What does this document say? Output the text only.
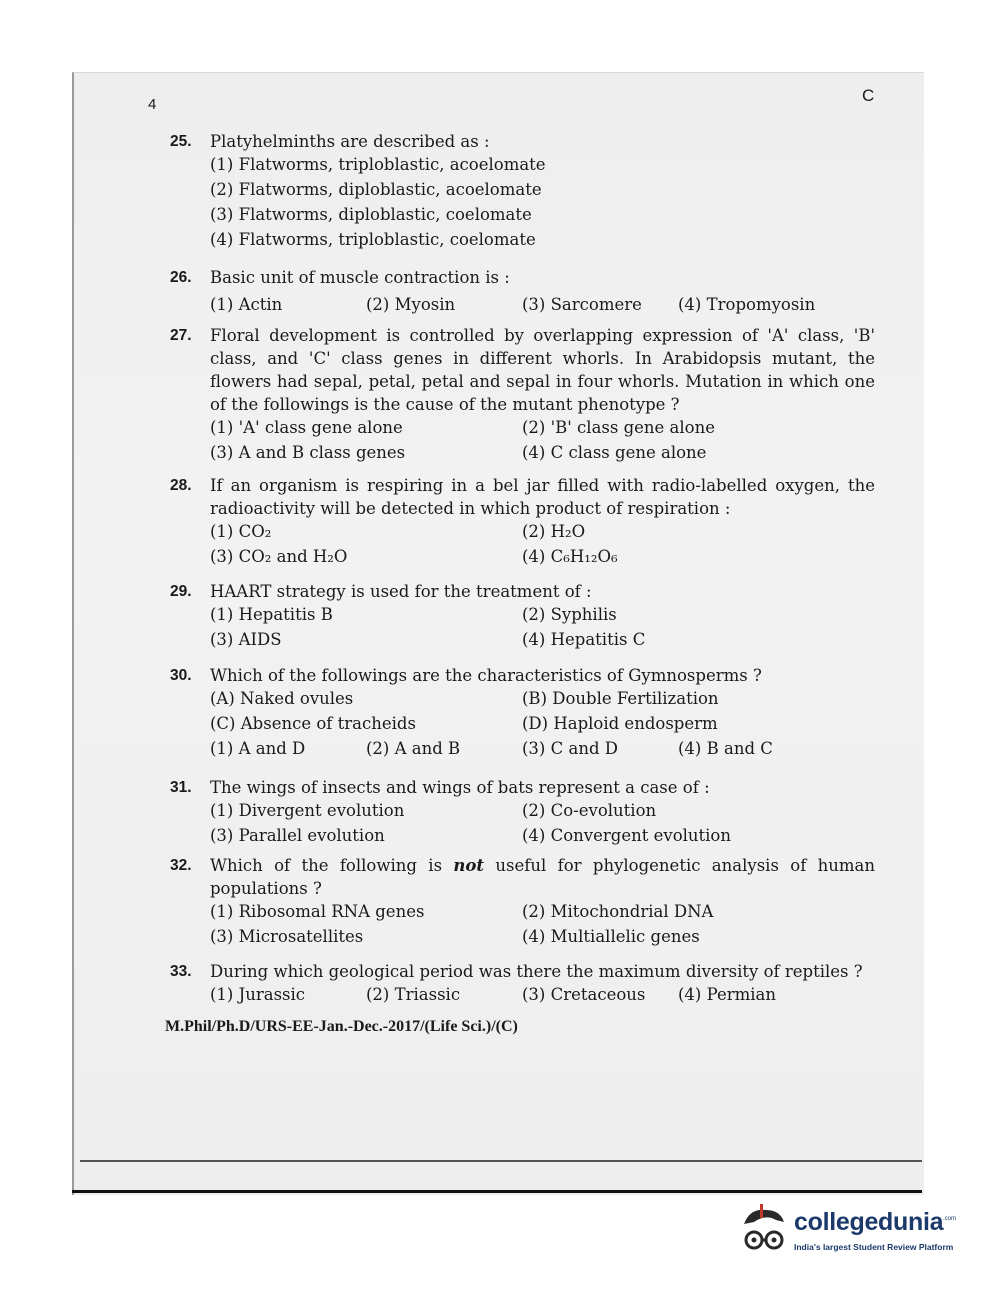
4	C
25. Platyhelminths are described as :
(1) Flatworms, triploblastic, acoelomate
(2) Flatworms, diploblastic, acoelomate
(3) Flatworms, diploblastic, coelomate
(4) Flatworms, triploblastic, coelomate
26. Basic unit of muscle contraction is :
(1) Actin	(2) Myosin	(3) Sarcomere (4) Tropomyosin
27. Floral development is controlled by overlapping expression of 'A' class, 'B' class, and 'C' class genes in different whorls. In Arabidopsis mutant, the flowers had sepal, petal, petal and sepal in four whorls. Mutation in which one of the followings is the cause of the mutant phenotype ?
(1) 'A' class gene alone	(2) 'B' class gene alone
(3) A and B class genes	(4) C class gene alone
28. If an organism is respiring in a bel jar filled with radio-labelled oxygen, the radioactivity will be detected in which product of respiration :
(1) CO₂	(2) H₂O
(3) CO₂ and H₂O	(4) C₆H₁₂O₆
29. HAART strategy is used for the treatment of :
(1) Hepatitis B	(2) Syphilis
(3) AIDS	(4) Hepatitis C
30. Which of the followings are the characteristics of Gymnosperms ?
(A) Naked ovules	(B) Double Fertilization
(C) Absence of tracheids	(D) Haploid endosperm
(1) A and D	(2) A and B	(3) C and D	(4) B and C
31. The wings of insects and wings of bats represent a case of :
(1) Divergent evolution	(2) Co-evolution
(3) Parallel evolution	(4) Convergent evolution
32. Which of the following is not useful for phylogenetic analysis of human populations ?
(1) Ribosomal RNA genes	(2) Mitochondrial DNA
(3) Microsatellites	(4) Multiallelic genes
33. During which geological period was there the maximum diversity of reptiles ?
(1) Jurassic	(2) Triassic	(3) Cretaceous (4) Permian
M.Phil/Ph.D/URS-EE-Jan.-Dec.-2017/(Life Sci.)/(C)
collegedunia .com
India's largest Student Review Platform
